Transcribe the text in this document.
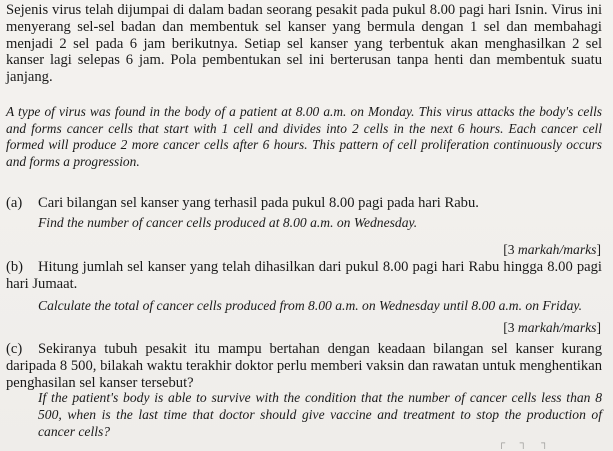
Sejenis virus telah dijumpai di dalam badan seorang pesakit pada pukul 8.00 pagi hari Isnin. Virus ini menyerang sel-sel badan dan membentuk sel kanser yang bermula dengan 1 sel dan membahagi menjadi 2 sel pada 6 jam berikutnya. Setiap sel kanser yang terbentuk akan menghasilkan 2 sel kanser lagi selepas 6 jam. Pola pembentukan sel ini berterusan tanpa henti dan membentuk suatu janjang.

A type of virus was found in the body of a patient at 8.00 a.m. on Monday. This virus attacks the body's cells and forms cancer cells that start with 1 cell and divides into 2 cells in the next 6 hours. Each cancer cell formed will produce 2 more cancer cells after 6 hours. This pattern of cell proliferation continuously occurs and forms a progression.

(a) Cari bilangan sel kanser yang terhasil pada pukul 8.00 pagi pada hari Rabu.

Find the number of cancer cells produced at 8.00 a.m. on Wednesday.

[3 markah/marks]

(b) Hitung jumlah sel kanser yang telah dihasilkan dari pukul 8.00 pagi hari Rabu hingga 8.00 pagi hari Jumaat.

Calculate the total of cancer cells produced from 8.00 a.m. on Wednesday until 8.00 a.m. on Friday.

[3 markah/marks]

(c) Sekiranya tubuh pesakit itu mampu bertahan dengan keadaan bilangan sel kanser kurang daripada 8 500, bilakah waktu terakhir doktor perlu memberi vaksin dan rawatan untuk menghentikan penghasilan sel kanser tersebut?

If the patient's body is able to survive with the condition that the number of cancer cells less than 8 500, when is the last time that doctor should give vaccine and treatment to stop the production of cancer cells?

┌ ┐ ┐
